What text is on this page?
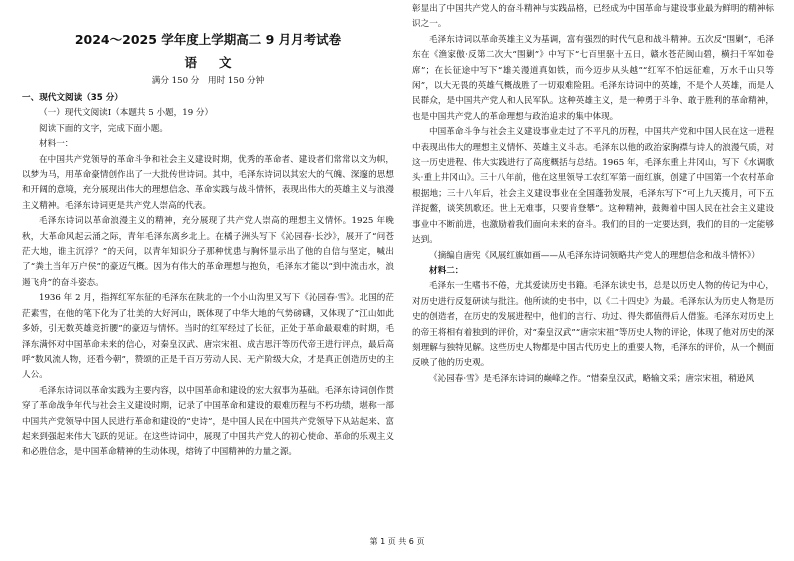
2024～2025 学年度上学期高二 9 月月考试卷
语文
满分 150 分　用时 150 分钟

一、现代文阅读（35 分）

（一）现代文阅读Ⅰ（本题共 5 小题，19 分）

阅读下面的文字，完成下面小题。

材料一：

在中国共产党领导的革命斗争和社会主义建设时期，优秀的革命者、建设者们常常以文为帜，以梦为马，用革命豪情创作出了一大批传世诗词。其中，毛泽东诗词以其宏大的气魄、深邃的思想和开阔的意境，充分展现出伟大的理想信念、革命实践与战斗情怀，表现出伟大的英雄主义与浪漫主义精神。毛泽东诗词更是共产党人崇高的代表。

毛泽东诗词以革命浪漫主义的精神，充分展现了共产党人崇高的理想主义情怀。1925 年晚秋，大革命风起云涌之际，青年毛泽东离乡北上。在橘子洲头写下《沁园春·长沙》，展开了“问苍茫大地，谁主沉浮？”的天问，以青年知识分子那种忧患与胸怀显示出了他的自信与坚定，喊出了“粪土当年万户侯”的豪迈气概。因为有伟大的革命理想与抱负，毛泽东才能以“到中流击水，浪遏飞舟”的奋斗姿态。

1936 年 2 月，指挥红军东征的毛泽东在陕北的一个小山沟里又写下《沁园春·雪》。北国的茫茫素雪，在他的笔下化为了壮美的大好河山，既体现了中华大地的气势磅礴，又体现了“江山如此多娇，引无数英雄竞折腰”的豪迈与情怀。当时的红军经过了长征，正处于革命最艰难的时期，毛泽东满怀对中国革命未来的信心，对秦皇汉武、唐宗宋祖、成吉思汗等历代帝王进行评点，最后高呼“数风流人物，还看今朝”，赞颂的正是千百万劳动人民、无产阶级大众，才是真正创造历史的主人公。

毛泽东诗词以革命实践为主要内容，以中国革命和建设的宏大叙事为基础。毛泽东诗词创作贯穿了革命战争年代与社会主义建设时期，记录了中国革命和建设的艰难历程与不朽功绩，堪称一部中国共产党领导中国人民进行革命和建设的“史诗”，是中国人民在中国共产党领导下从站起来、富起来到强起来伟大飞跃的见证。在这些诗词中，展现了中国共产党人的初心使命、革命的乐观主义和必胜信念，是中国革命精神的生动体现，熔铸了中国精神的力量之源。

彰显出了中国共产党人的奋斗精神与实践品格，已经成为中国革命与建设事业最为鲜明的精神标识之一。

毛泽东诗词以革命英雄主义为基调，富有强烈的时代气息和战斗精神。五次反“围剿”，毛泽东在《渔家傲·反第二次大“围剿”》中写下“七百里驱十五日，赣水苍茫闽山碧，横扫千军如卷席”；在长征途中写下“雄关漫道真如铁，而今迈步从头越”“红军不怕远征难，万水千山只等闲”，以大无畏的英雄气概战胜了一切艰难险阻。毛泽东诗词中的英雄，不是个人英雄，而是人民群众，是中国共产党人和人民军队。这种英雄主义，是一种勇于斗争、敢于胜利的革命精神，也是中国共产党人的革命理想与政治追求的集中体现。

中国革命斗争与社会主义建设事业走过了不平凡的历程，中国共产党和中国人民在这一进程中表现出伟大的理想主义情怀、英雄主义斗志。毛泽东以他的政治家胸襟与诗人的浪漫气质，对这一历史进程、伟大实践进行了高度概括与总结。1965 年，毛泽东重上井冈山，写下《水调歌头·重上井冈山》。三十八年前，他在这里领导工农红军第一面红旗，创建了中国第一个农村革命根据地；三十八年后，社会主义建设事业在全国蓬勃发展，毛泽东写下“可上九天揽月，可下五洋捉鳖，谈笑凯歌还。世上无难事，只要肯登攀”。这种精神，鼓舞着中国人民在社会主义建设事业中不断前进，也激励着我们面向未来的奋斗。我们的目的一定要达到，我们的目的一定能够达到。

（摘编自唐宪《风展红旗如画——从毛泽东诗词领略共产党人的理想信念和战斗情怀》）

材料二：

毛泽东一生嗜书不倦，尤其爱读历史书籍。毛泽东读史书，总是以历史人物的传记为中心，对历史进行反复研读与批注。他所读的史书中，以《二十四史》为最。毛泽东认为历史人物是历史的创造者，在历史的发展进程中，他们的言行、功过、得失都值得后人借鉴。毛泽东对历史上的帝王将相有着独到的评价，对“秦皇汉武”“唐宗宋祖”等历史人物的评论，体现了他对历史的深刻理解与独特见解。这些历史人物都是中国古代历史上的重要人物，毛泽东的评价，从一个侧面反映了他的历史观。

《沁园春·雪》是毛泽东诗词的巅峰之作。“惜秦皇汉武，略输文采；唐宗宋祖，稍逊风

第 1 页 共 6 页
